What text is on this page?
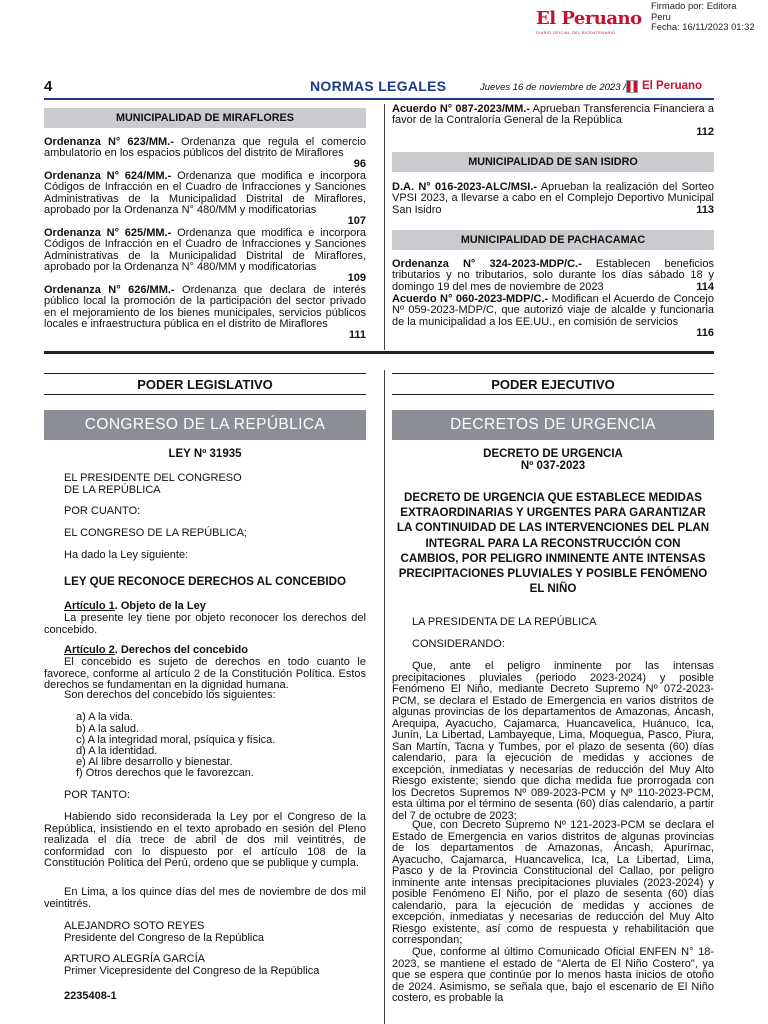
El Peruano
DIARIO OFICIAL DEL BICENTENARIO
Firmado por: Editora
Peru
Fecha: 16/11/2023 01:32
4	NORMAS LEGALES	Jueves 16 de noviembre de 2023 / El Peruano
MUNICIPALIDAD DE MIRAFLORES
Ordenanza N° 623/MM.- Ordenanza que regula el comercio ambulatorio en los espacios públicos del distrito de Miraflores
96
Ordenanza N° 624/MM.- Ordenanza que modifica e incorpora Códigos de Infracción en el Cuadro de Infracciones y Sanciones Administrativas de la Municipalidad Distrital de Miraflores, aprobado por la Ordenanza N° 480/MM y modificatorias
107
Ordenanza N° 625/MM.- Ordenanza que modifica e incorpora Códigos de Infracción en el Cuadro de Infracciones y Sanciones Administrativas de la Municipalidad Distrital de Miraflores, aprobado por la Ordenanza N° 480/MM y modificatorias
109
Ordenanza N° 626/MM.- Ordenanza que declara de interés público local la promoción de la participación del sector privado en el mejoramiento de los bienes municipales, servicios públicos locales e infraestructura pública en el distrito de Miraflores
111
Acuerdo N° 087-2023/MM.- Aprueban Transferencia Financiera a favor de la Contraloría General de la República
112
MUNICIPALIDAD DE SAN ISIDRO
D.A. N° 016-2023-ALC/MSI.- Aprueban la realización del Sorteo VPSI 2023, a llevarse a cabo en el Complejo Deportivo Municipal San Isidro	113
MUNICIPALIDAD DE PACHACAMAC
Ordenanza N° 324-2023-MDP/C.- Establecen beneficios tributarios y no tributarios, solo durante los días sábado 18 y domingo 19 del mes de noviembre de 2023	114
Acuerdo N° 060-2023-MDP/C.- Modifican el Acuerdo de Concejo Nº 059-2023-MDP/C, que autorizó viaje de alcalde y funcionaria de la municipalidad a los EE.UU., en comisión de servicios
116
PODER LEGISLATIVO
CONGRESO DE LA REPÚBLICA
LEY Nº 31935
EL PRESIDENTE DEL CONGRESO
DE LA REPÚBLICA
POR CUANTO:
EL CONGRESO DE LA REPÚBLICA;
Ha dado la Ley siguiente:
LEY QUE RECONOCE DERECHOS AL CONCEBIDO
Artículo 1. Objeto de la Ley
La presente ley tiene por objeto reconocer los derechos del concebido.
Artículo 2. Derechos del concebido
El concebido es sujeto de derechos en todo cuanto le favorece, conforme al artículo 2 de la Constitución Política. Estos derechos se fundamentan en la dignidad humana.
Son derechos del concebido los siguientes:
a) A la vida.
b) A la salud.
c) A la integridad moral, psíquica y física.
d) A la identidad.
e) Al libre desarrollo y bienestar.
f) Otros derechos que le favorezcan.
POR TANTO:
Habiendo sido reconsiderada la Ley por el Congreso de la República, insistiendo en el texto aprobado en sesión del Pleno realizada el día trece de abril de dos mil veintitrés, de conformidad con lo dispuesto por el artículo 108 de la Constitución Política del Perú, ordeno que se publique y cumpla.
En Lima, a los quince días del mes de noviembre de dos mil veintitrés.
ALEJANDRO SOTO REYES
Presidente del Congreso de la República
ARTURO ALEGRÍA GARCÍA
Primer Vicepresidente del Congreso de la República
2235408-1
PODER EJECUTIVO
DECRETOS DE URGENCIA
DECRETO DE URGENCIA
Nº 037-2023
DECRETO DE URGENCIA QUE ESTABLECE MEDIDAS EXTRAORDINARIAS Y URGENTES PARA GARANTIZAR LA CONTINUIDAD DE LAS INTERVENCIONES DEL PLAN INTEGRAL PARA LA RECONSTRUCCIÓN CON CAMBIOS, POR PELIGRO INMINENTE ANTE INTENSAS PRECIPITACIONES PLUVIALES Y POSIBLE FENÓMENO EL NIÑO
LA PRESIDENTA DE LA REPÚBLICA
CONSIDERANDO:
Que, ante el peligro inminente por las intensas precipitaciones pluviales (periodo 2023-2024) y posible Fenómeno El Niño, mediante Decreto Supremo Nº 072-2023-PCM, se declara el Estado de Emergencia en varios distritos de algunas provincias de los departamentos de Amazonas, Áncash, Arequipa, Ayacucho, Cajamarca, Huancavelica, Huánuco, Ica, Junín, La Libertad, Lambayeque, Lima, Moquegua, Pasco, Piura, San Martín, Tacna y Tumbes, por el plazo de sesenta (60) días calendario, para la ejecución de medidas y acciones de excepción, inmediatas y necesarias de reducción del Muy Alto Riesgo existente; siendo que dicha medida fue prorrogada con los Decretos Supremos Nº 089-2023-PCM y Nº 110-2023-PCM, esta última por el término de sesenta (60) días calendario, a partir del 7 de octubre de 2023;
Que, con Decreto Supremo Nº 121-2023-PCM se declara el Estado de Emergencia en varios distritos de algunas provincias de los departamentos de Amazonas, Áncash, Apurímac, Ayacucho, Cajamarca, Huancavelica, Ica, La Libertad, Lima, Pasco y de la Provincia Constitucional del Callao, por peligro inminente ante intensas precipitaciones pluviales (2023-2024) y posible Fenómeno El Niño, por el plazo de sesenta (60) días calendario, para la ejecución de medidas y acciones de excepción, inmediatas y necesarias de reducción del Muy Alto Riesgo existente, así como de respuesta y rehabilitación que correspondan;
Que, conforme al último Comunicado Oficial ENFEN N° 18-2023, se mantiene el estado de "Alerta de El Niño Costero", ya que se espera que continúe por lo menos hasta inicios de otoño de 2024. Asimismo, se señala que, bajo el escenario de El Niño costero, es probable la
